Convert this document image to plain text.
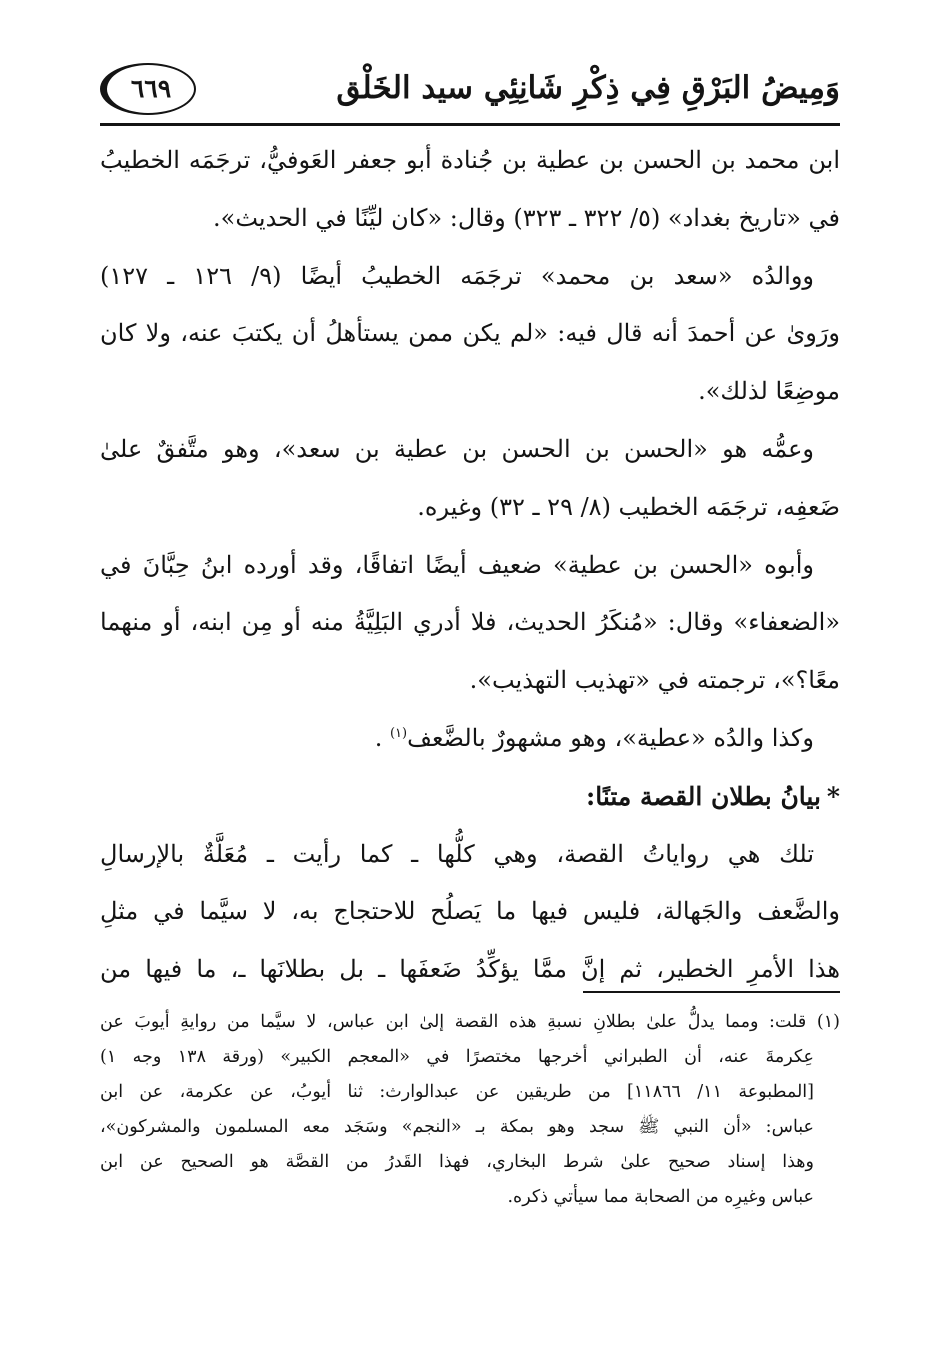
وَمِيضُ البَرْقِ فِي ذِكْرِ شَانِئِي سيد الخَلْق
٦٦٩
ابن محمد بن الحسن بن عطية بن جُنادة أبو جعفر العَوفيُّ، ترجَمَه الخطيبُ
في «تاريخ بغداد» (٥/ ٣٢٢ ـ ٣٢٣) وقال: «كان ليِّنًا في الحديث».
ووالدُه «سعد بن محمد» ترجَمَه الخطيبُ أيضًا (٩/ ١٢٦ ـ ١٢٧)
ورَوىٰ عن أحمدَ أنه قال فيه: «لم يكن ممن يستأهلُ أن يكتبَ عنه، ولا كان
موضِعًا لذلك».
وعمُّه هو «الحسن بن الحسن بن عطية بن سعد»، وهو متَّفقٌ علىٰ
ضَعفِه، ترجَمَه الخطيب (٨/ ٢٩ ـ ٣٢) وغيره.
وأبوه «الحسن بن عطية» ضعيف أيضًا اتفاقًا، وقد أورده ابنُ حِبَّانَ في
«الضعفاء» وقال: «مُنكَرُ الحديث، فلا أدري البَلِيَّةُ منه أو مِن ابنه، أو منهما
معًا؟»، ترجمته في «تهذيب التهذيب».
وكذا والدُه «عطية»، وهو مشهورٌ بالضَّعف$^{(١)}$ .
*بيانُ بطلان القصة متنًا:
تلك هي رواياتُ القصة، وهي كلُّها ـ كما رأيت ـ مُعَلَّةٌ بالإرسالِ
والضَّعف والجَهالة، فليس فيها ما يَصلُح للاحتجاج به، لا سيَّما في مثلِ
هذا الأمرِ الخطير، ثم إنَّ ممَّا يؤكِّدُ ضَعفَها ـ بل بطلانَها ـ، ما فيها من
(١) قلت: ومما يدلُّ علىٰ بطلانِ نسبةِ هذه القصة إلىٰ ابن عباس، لا سيَّما من روايةِ أيوبَ عن
عِكرمةَ عنه، أن الطبراني أخرجها مختصرًا في «المعجم الكبير» (ورقة ١٣٨ وجه ١)
[المطبوعة ١١/ ١١٨٦٦] من طريقين عن عبدالوارث: ثنا أيوبُ، عن عكرمة، عن ابن
عباس: «أن النبي ﷺ سجد وهو بمكة بـ «النجم» وسَجَد معه المسلمون والمشركون»،
وهذا إسناد صحيح علىٰ شرط البخاري، فهذا القَدرُ من القصَّة هو الصحيح عن ابن
عباس وغيرِه من الصحابة مما سيأتي ذكره.
